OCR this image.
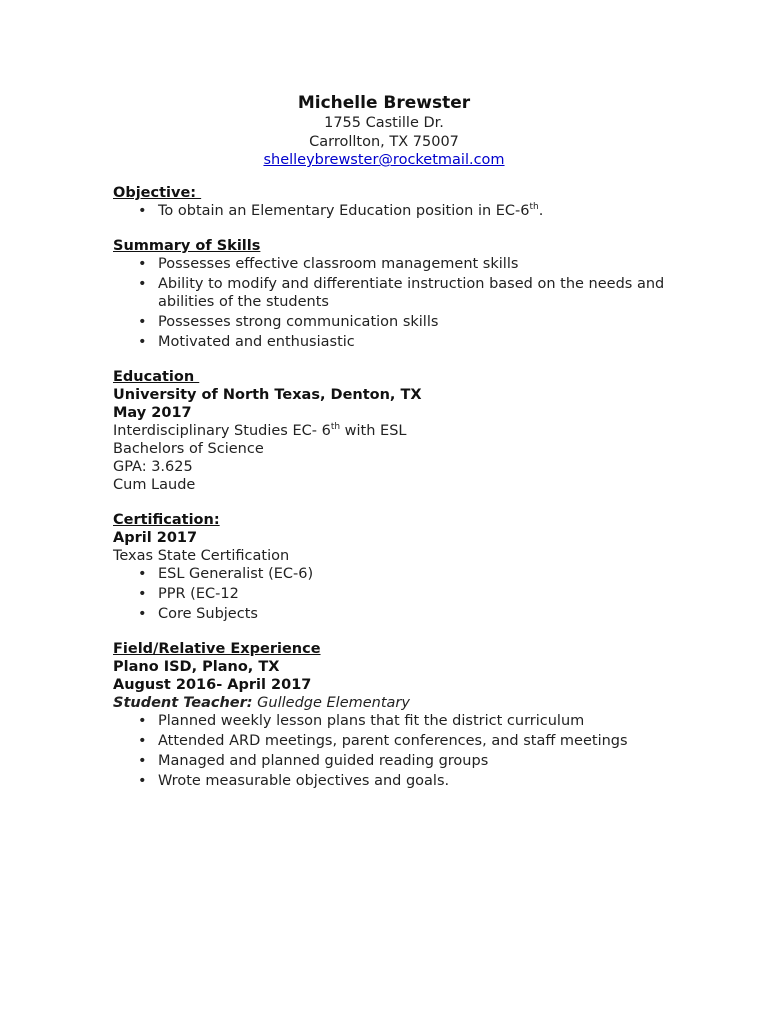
Michelle Brewster
1755 Castille Dr.
Carrollton, TX 75007
shelleybrewster@rocketmail.com
Objective:
• To obtain an Elementary Education position in EC-6th.
Summary of Skills
• Possesses effective classroom management skills
• Ability to modify and differentiate instruction based on the needs and abilities of the students
• Possesses strong communication skills
• Motivated and enthusiastic
Education
University of North Texas, Denton, TX
May 2017
Interdisciplinary Studies EC- 6th with ESL
Bachelors of Science
GPA: 3.625
Cum Laude
Certification:
April 2017
Texas State Certification
• ESL Generalist (EC-6)
• PPR (EC-12
• Core Subjects
Field/Relative Experience
Plano ISD, Plano, TX
August 2016- April 2017
Student Teacher: Gulledge Elementary
• Planned weekly lesson plans that fit the district curriculum
• Attended ARD meetings, parent conferences, and staff meetings
• Managed and planned guided reading groups
• Wrote measurable objectives and goals.
